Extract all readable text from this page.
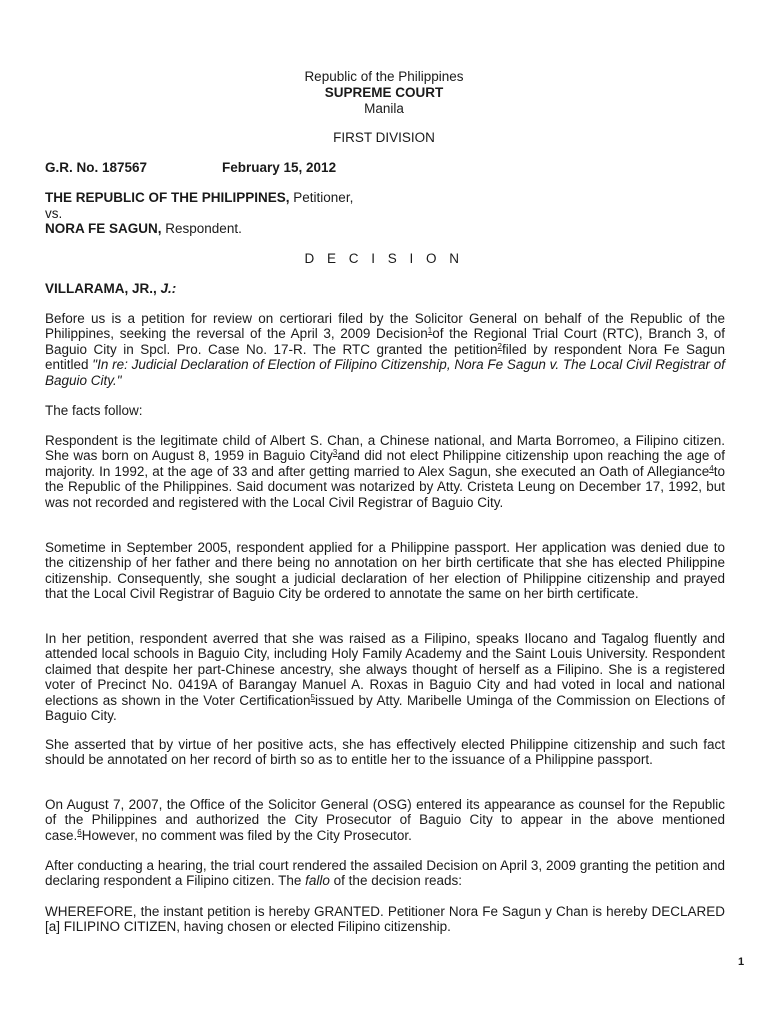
Republic of the Philippines
SUPREME COURT
Manila
FIRST DIVISION
G.R. No. 187567	February 15, 2012
THE REPUBLIC OF THE PHILIPPINES, Petitioner,
vs.
NORA FE SAGUN, Respondent.
D E C I S I O N
VILLARAMA, JR., J.:
Before us is a petition for review on certiorari filed by the Solicitor General on behalf of the Republic of the Philippines, seeking the reversal of the April 3, 2009 Decision$^1$of the Regional Trial Court (RTC), Branch 3, of Baguio City in Spcl. Pro. Case No. 17-R. The RTC granted the petition$^2$filed by respondent Nora Fe Sagun entitled "In re: Judicial Declaration of Election of Filipino Citizenship, Nora Fe Sagun v. The Local Civil Registrar of Baguio City."
The facts follow:
Respondent is the legitimate child of Albert S. Chan, a Chinese national, and Marta Borromeo, a Filipino citizen. She was born on August 8, 1959 in Baguio City$^3$and did not elect Philippine citizenship upon reaching the age of majority. In 1992, at the age of 33 and after getting married to Alex Sagun, she executed an Oath of Allegiance$^4$to the Republic of the Philippines. Said document was notarized by Atty. Cristeta Leung on December 17, 1992, but was not recorded and registered with the Local Civil Registrar of Baguio City.
Sometime in September 2005, respondent applied for a Philippine passport. Her application was denied due to the citizenship of her father and there being no annotation on her birth certificate that she has elected Philippine citizenship. Consequently, she sought a judicial declaration of her election of Philippine citizenship and prayed that the Local Civil Registrar of Baguio City be ordered to annotate the same on her birth certificate.
In her petition, respondent averred that she was raised as a Filipino, speaks Ilocano and Tagalog fluently and attended local schools in Baguio City, including Holy Family Academy and the Saint Louis University. Respondent claimed that despite her part-Chinese ancestry, she always thought of herself as a Filipino. She is a registered voter of Precinct No. 0419A of Barangay Manuel A. Roxas in Baguio City and had voted in local and national elections as shown in the Voter Certification$^5$issued by Atty. Maribelle Uminga of the Commission on Elections of Baguio City.
She asserted that by virtue of her positive acts, she has effectively elected Philippine citizenship and such fact should be annotated on her record of birth so as to entitle her to the issuance of a Philippine passport.
On August 7, 2007, the Office of the Solicitor General (OSG) entered its appearance as counsel for the Republic of the Philippines and authorized the City Prosecutor of Baguio City to appear in the above mentioned case.$^6$However, no comment was filed by the City Prosecutor.
After conducting a hearing, the trial court rendered the assailed Decision on April 3, 2009 granting the petition and declaring respondent a Filipino citizen. The fallo of the decision reads:
WHEREFORE, the instant petition is hereby GRANTED. Petitioner Nora Fe Sagun y Chan is hereby DECLARED [a] FILIPINO CITIZEN, having chosen or elected Filipino citizenship.
1
